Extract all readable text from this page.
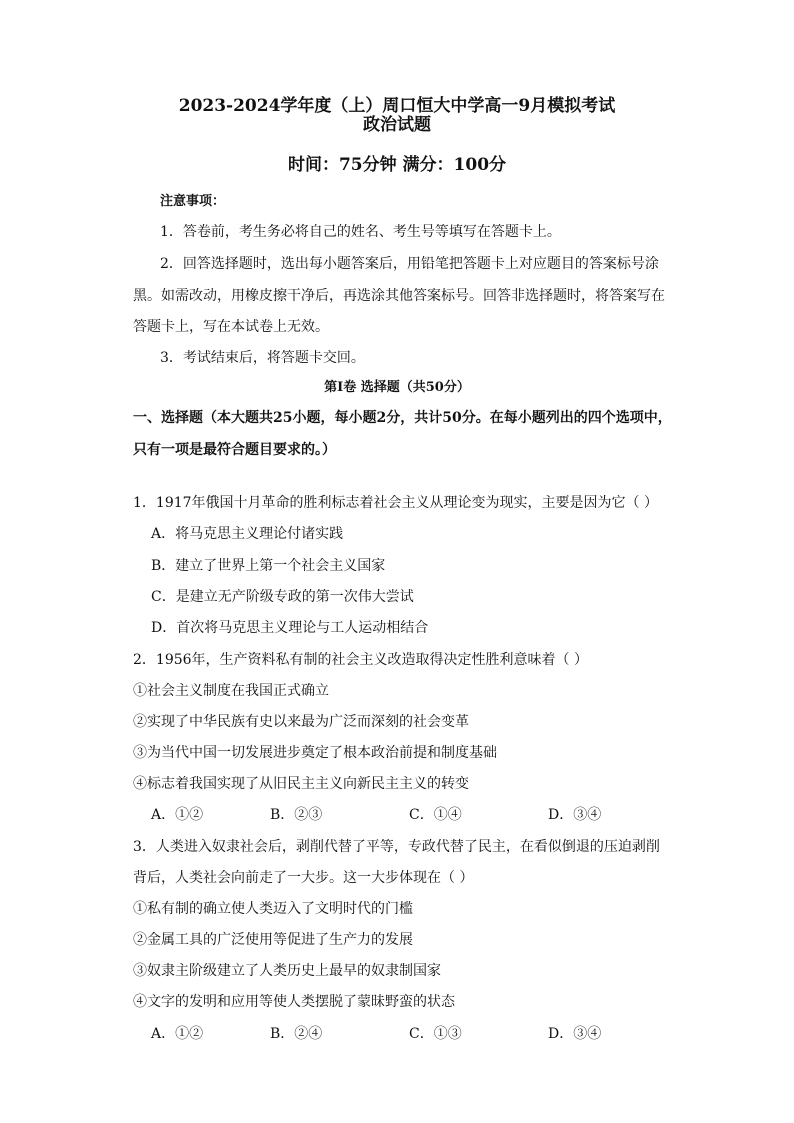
2023-2024学年度（上）周口恒大中学高一9月模拟考试
政治试题
时间：75分钟 满分：100分
注意事项：
1．答卷前，考生务必将自己的姓名、考生号等填写在答题卡上。
2．回答选择题时，选出每小题答案后，用铅笔把答题卡上对应题目的答案标号涂
黑。如需改动，用橡皮擦干净后，再选涂其他答案标号。回答非选择题时，将答案写在
答题卡上，写在本试卷上无效。
3．考试结束后，将答题卡交回。
第Ⅰ卷 选择题（共50分）
一、选择题（本大题共25小题，每小题2分，共计50分。在每小题列出的四个选项中，
只有一项是最符合题目要求的。）
1．1917年俄国十月革命的胜利标志着社会主义从理论变为现实，主要是因为它（ ）
A．将马克思主义理论付诸实践
B．建立了世界上第一个社会主义国家
C．是建立无产阶级专政的第一次伟大尝试
D．首次将马克思主义理论与工人运动相结合
2．1956年，生产资料私有制的社会主义改造取得决定性胜利意味着（ ）
①社会主义制度在我国正式确立
②实现了中华民族有史以来最为广泛而深刻的社会变革
③为当代中国一切发展进步奠定了根本政治前提和制度基础
④标志着我国实现了从旧民主主义向新民主主义的转变
A．①②	B．②③	C．①④	D．③④
3．人类进入奴隶社会后，剥削代替了平等，专政代替了民主，在看似倒退的压迫剥削
背后，人类社会向前走了一大步。这一大步体现在（ ）
①私有制的确立使人类迈入了文明时代的门槛
②金属工具的广泛使用等促进了生产力的发展
③奴隶主阶级建立了人类历史上最早的奴隶制国家
④文字的发明和应用等使人类摆脱了蒙昧野蛮的状态
A．①②	B．②④	C．①③	D．③④
